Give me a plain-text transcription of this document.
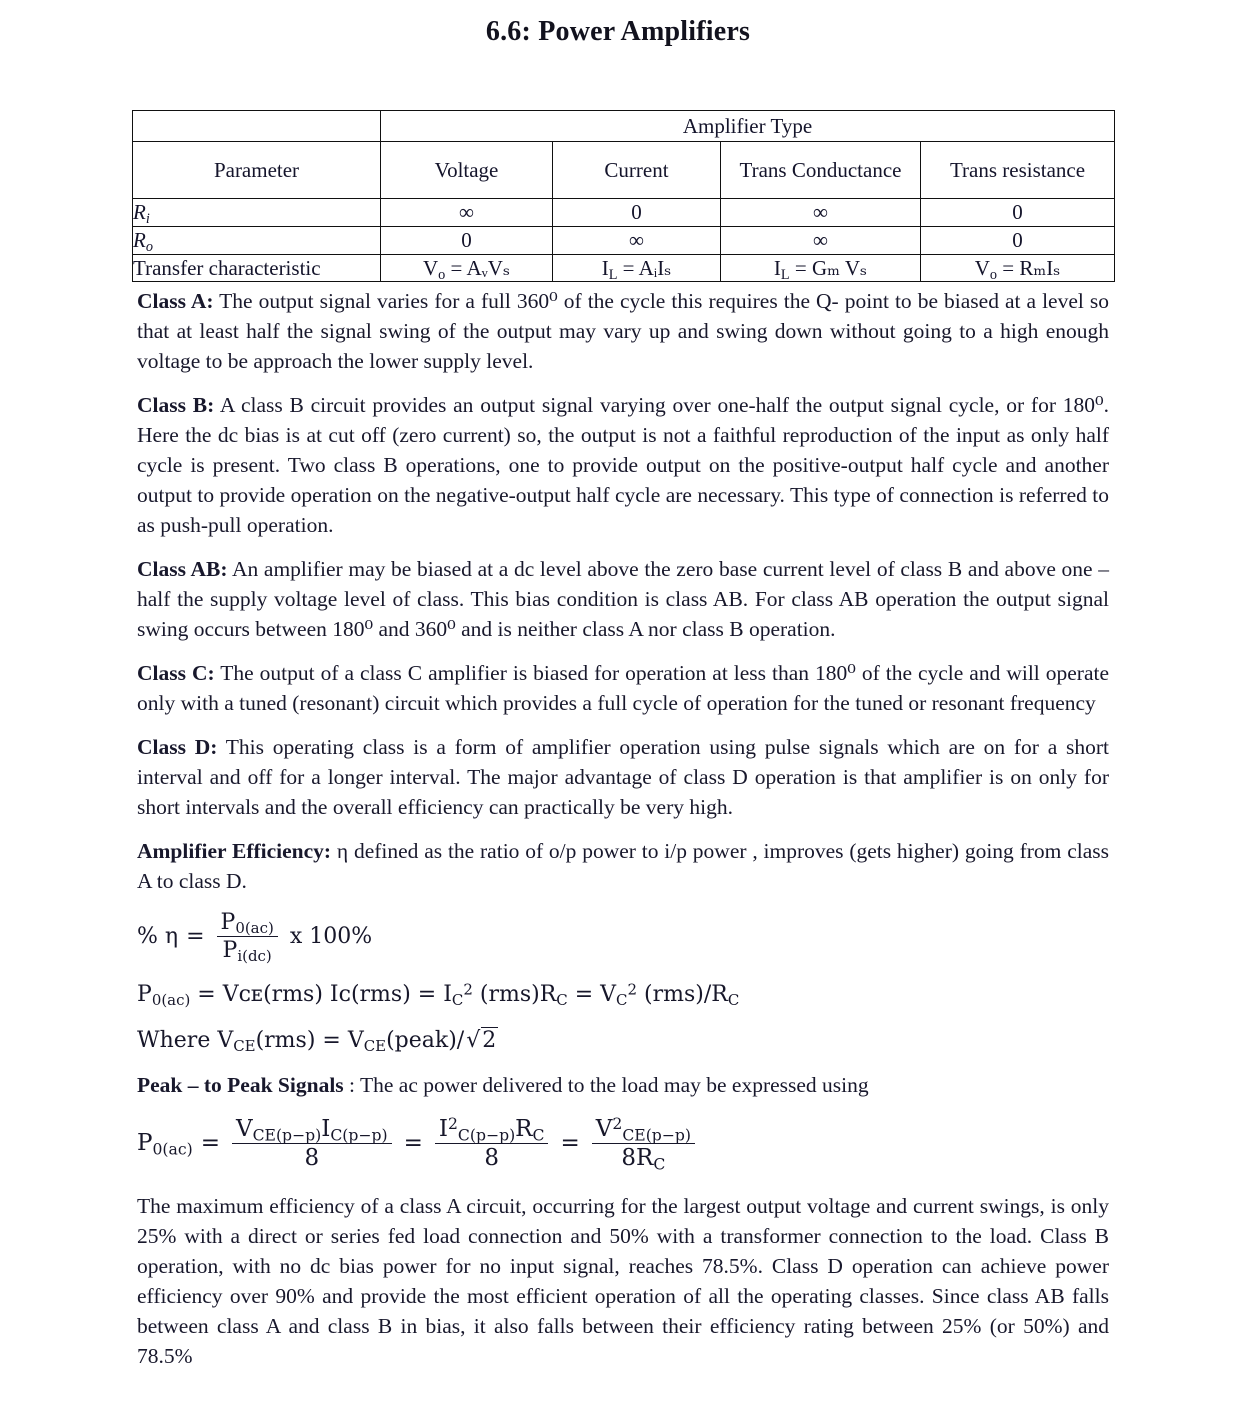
6.6: Power Amplifiers
	Amplifier Type			
Parameter	Voltage	Current	Trans Conductance	Trans resistance
$R_i$	∞	0	∞	0
$R_o$	0	∞	∞	0
Transfer characteristic	$V_o$ = AᵥVₛ	$I_L$ = AᵢIₛ	$I_L = G_m$ Vₛ	$V_o = R_mI_s$

Class A: The output signal varies for a full 360⁰ of the cycle this requires the Q- point to be biased at a level so that at least half the signal swing of the output may vary up and swing down without going to a high enough voltage to be approach the lower supply level.

Class B: A class B circuit provides an output signal varying over one-half the output signal cycle, or for 180⁰. Here the dc bias is at cut off (zero current) so, the output is not a faithful reproduction of the input as only half cycle is present. Two class B operations, one to provide output on the positive-output half cycle and another output to provide operation on the negative-output half cycle are necessary. This type of connection is referred to as push-pull operation.

Class AB: An amplifier may be biased at a dc level above the zero base current level of class B and above one – half the supply voltage level of class. This bias condition is class AB. For class AB operation the output signal swing occurs between 180⁰ and 360⁰ and is neither class A nor class B operation.

Class C: The output of a class C amplifier is biased for operation at less than 180⁰ of the cycle and will operate only with a tuned (resonant) circuit which provides a full cycle of operation for the tuned or resonant frequency

Class D: This operating class is a form of amplifier operation using pulse signals which are on for a short interval and off for a longer interval. The major advantage of class D operation is that amplifier is on only for short intervals and the overall efficiency can practically be very high.

Amplifier Efficiency: η defined as the ratio of o/p power to i/p power , improves (gets higher) going from class A to class D.

% $\eta = \frac{P_{0(ac)}}{P_{i(dc)}}$ x 100%
$P_{0(ac)}$ = Vᴄᴇ(rms) Iᴄ(rms) = $I_C^2$ $(rms)R_C = V_C^2$ $(rms)/R_C$
Where $V_{CE}(rms)$ = $V_{CE}(peak)/√2$

Peak – to Peak Signals : The ac power delivered to the load may be expressed using

$P_{0(ac)} = \frac{V_{CE(p-p)}I_{C(p-p)}}{8} = \frac{I^2_{C(p-p)}R_C}{8} = \frac{V^2_{CE(p-p)}}{8R_C}$

The maximum efficiency of a class A circuit, occurring for the largest output voltage and current swings, is only 25% with a direct or series fed load connection and 50% with a transformer connection to the load. Class B operation, with no dc bias power for no input signal, reaches 78.5%. Class D operation can achieve power efficiency over 90% and provide the most efficient operation of all the operating classes. Since class AB falls between class A and class B in bias, it also falls between their efficiency rating between 25% (or 50%) and 78.5%
